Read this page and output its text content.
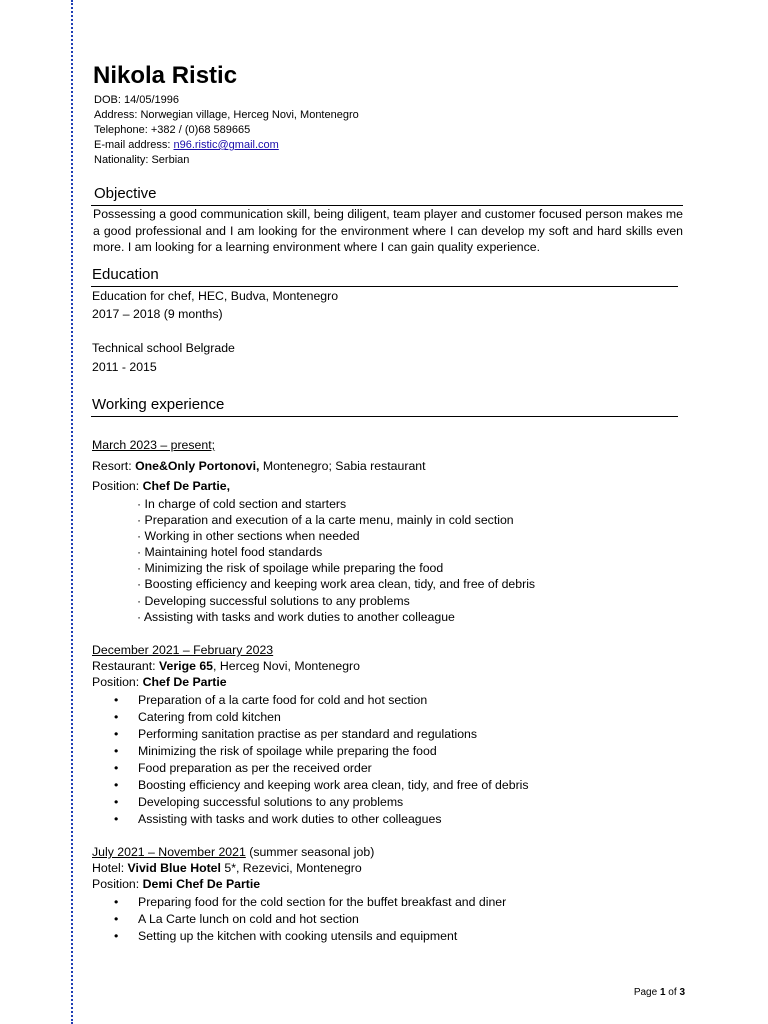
Nikola Ristic
DOB: 14/05/1996
Address: Norwegian village, Herceg Novi, Montenegro
Telephone: +382 / (0)68 589665
E-mail address: n96.ristic@gmail.com
Nationality: Serbian
Objective
Possessing a good communication skill, being diligent, team player and customer focused person makes me a good professional and I am looking for the environment where I can develop my soft and hard skills even more. I am looking for a learning environment where I can gain quality experience.
Education
Education for chef, HEC, Budva, Montenegro
2017 – 2018 (9 months)
Technical school Belgrade
2011 - 2015
Working experience
March 2023 – present;
Resort: One&Only Portonovi, Montenegro; Sabia restaurant
Position: Chef De Partie,
· In charge of cold section and starters
· Preparation and execution of a la carte menu, mainly in cold section
· Working in other sections when needed
· Maintaining hotel food standards
· Minimizing the risk of spoilage while preparing the food
· Boosting efficiency and keeping work area clean, tidy, and free of debris
· Developing successful solutions to any problems
· Assisting with tasks and work duties to another colleague
December 2021 – February 2023
Restaurant: Verige 65, Herceg Novi, Montenegro
Position: Chef De Partie
• Preparation of a la carte food for cold and hot section
• Catering from cold kitchen
• Performing sanitation practise as per standard and regulations
• Minimizing the risk of spoilage while preparing the food
• Food preparation as per the received order
• Boosting efficiency and keeping work area clean, tidy, and free of debris
• Developing successful solutions to any problems
• Assisting with tasks and work duties to other colleagues
July 2021 – November 2021 (summer seasonal job)
Hotel: Vivid Blue Hotel 5*, Rezevici, Montenegro
Position: Demi Chef De Partie
• Preparing food for the cold section for the buffet breakfast and diner
• A La Carte lunch on cold and hot section
• Setting up the kitchen with cooking utensils and equipment
Page 1 of 3
